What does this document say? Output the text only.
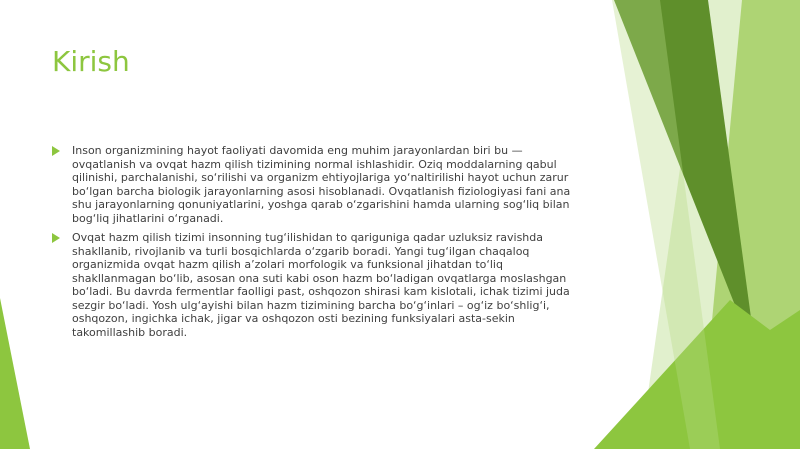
Kirish
Inson organizmining hayot faoliyati davomida eng muhim jarayonlardan biri bu — ovqatlanish va ovqat hazm qilish tizimining normal ishlashidir. Oziq moddalarning qabul qilinishi, parchalanishi, so‘rilishi va organizm ehtiyojlariga yo‘naltirilishi hayot uchun zarur bo‘lgan barcha biologik jarayonlarning asosi hisoblanadi. Ovqatlanish fiziologiyasi fani ana shu jarayonlarning qonuniyatlarini, yoshga qarab o‘zgarishini hamda ularning sog‘liq bilan bog‘liq jihatlarini o‘rganadi.
Ovqat hazm qilish tizimi insonning tug‘ilishidan to qariguniga qadar uzluksiz ravishda shakllanib, rivojlanib va turli bosqichlarda o‘zgarib boradi. Yangi tug‘ilgan chaqaloq organizmida ovqat hazm qilish a’zolari morfologik va funksional jihatdan to‘liq shakllanmagan bo‘lib, asosan ona suti kabi oson hazm bo‘ladigan ovqatlarga moslashgan bo‘ladi. Bu davrda fermentlar faolligi past, oshqozon shirasi kam kislotali, ichak tizimi juda sezgir bo‘ladi. Yosh ulg‘ayishi bilan hazm tizimining barcha bo‘g‘inlari – og‘iz bo‘shlig‘i, oshqozon, ingichka ichak, jigar va oshqozon osti bezining funksiyalari asta-sekin takomillashib boradi.
